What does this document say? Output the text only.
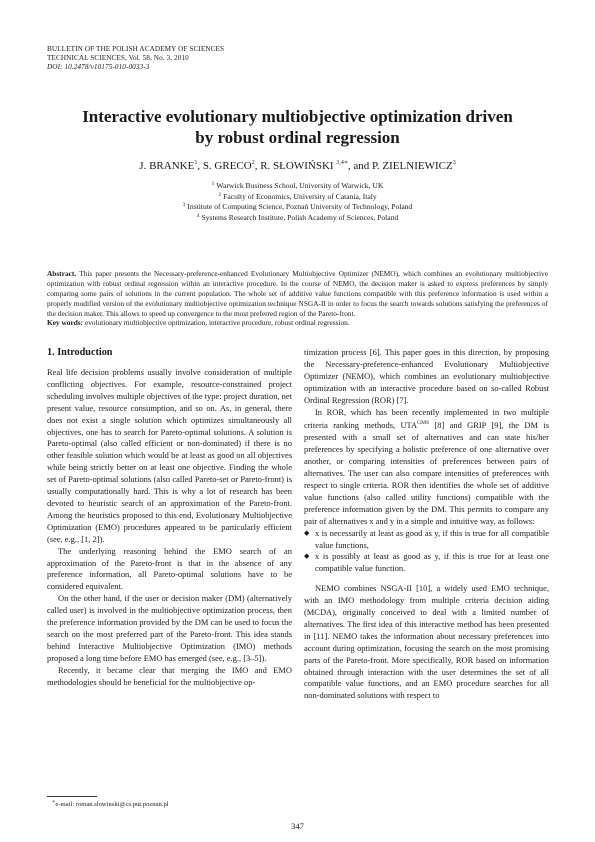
BULLETIN OF THE POLISH ACADEMY OF SCIENCES
TECHNICAL SCIENCES, Vol. 58, No. 3, 2010
DOI: 10.2478/v10175-010-0033-3
Interactive evolutionary multiobjective optimization driven
by robust ordinal regression
J. BRANKE$^1$, S. GRECO$^2$, R. SŁOWIŃSKI $^{3,4∗}$, and P. ZIELNIEWICZ$^3$
$^1$ Warwick Business School, University of Warwick, UK
$^2$ Faculty of Economics, University of Catania, Italy
$^3$ Institute of Computing Science, Poznań University of Technology, Poland
$^4$ Systems Research Institute, Polish Academy of Sciences, Poland
Abstract. This paper presents the Necessary-preference-enhanced Evolutionary Multiobjective Optimizer (NEMO), which combines an evolutionary multiobjective optimization with robust ordinal regression within an interactive procedure. In the course of NEMO, the decision maker is asked to express preferences by simply comparing some pairs of solutions in the current population. The whole set of additive value functions compatible with this preference information is used within a properly modified version of the evolutionary multiobjective optimization technique NSGA-II in order to focus the search towards solutions satisfying the preferences of the decision maker. This allows to speed up convergence to the most preferred region of the Pareto-front.
Key words: evolutionary multiobjective optimization, interactive procedure, robust ordinal regression.
1. Introduction

Real life decision problems usually involve consideration of multiple conflicting objectives. For example, resource-constrained project scheduling involves multiple objectives of the type: project duration, net present value, resource consumption, and so on. As, in general, there does not exist a single solution which optimizes simultaneously all objectives, one has to search for Pareto-optimal solutions. A solution is Pareto-optimal (also called efficient or non-dominated) if there is no other feasible solution which would be at least as good on all objectives while being strictly better on at least one objective. Finding the whole set of Pareto-optimal solutions (also called Pareto-set or Pareto-front) is usually computationally hard. This is why a lot of research has been devoted to heuristic search of an approximation of the Pareto-front. Among the heuristics proposed to this end, Evolutionary Multiobjective Optimization (EMO) procedures appeared to be particularly efficient (see, e.g., [1, 2]).

The underlying reasoning behind the EMO search of an approximation of the Pareto-front is that in the absence of any preference information, all Pareto-optimal solutions have to be considered equivalent.

On the other hand, if the user or decision maker (DM) (alternatively called user) is involved in the multiobjective optimization process, then the preference information provided by the DM can be used to focus the search on the most preferred part of the Pareto-front. This idea stands behind Interactive Multiobjective Optimization (IMO) methods proposed a long time before EMO has emerged (see, e.g., [3–5]).

Recently, it became clear that merging the IMO and EMO methodologies should be beneficial for the multiobjective op-

timization process [6]. This paper goes in this direction, by proposing the Necessary-preference-enhanced Evolutionary Multiobjective Optimizer (NEMO), which combines an evolutionary multiobjective optimization with an interactive procedure based on so-called Robust Ordinal Regression (ROR) [7].

In ROR, which has been recently implemented in two multiple criteria ranking methods, $UTA^{GMS}$ [8] and GRIP [9], the DM is presented with a small set of alternatives and can state his/her preferences by specifying a holistic preference of one alternative over another, or comparing intensities of preferences between pairs of alternatives. The user can also compare intensities of preferences with respect to single criteria. ROR then identifies the whole set of additive value functions (also called utility functions) compatible with the preference information given by the DM. This permits to compare any pair of alternatives x and y in a simple and intuitive way, as follows:

◆ x is necessarily at least as good as y, if this is true for all compatible value functions,
◆ x is possibly at least as good as y, if this is true for at least one compatible value function.

NEMO combines NSGA-II [10], a widely used EMO technique, with an IMO methodology from multiple criteria decision aiding (MCDA), originally conceived to deal with a limited number of alternatives. The first idea of this interactive method has been presented in [11]. NEMO takes the information about necessary preferences into account during optimization, focusing the search on the most promising parts of the Pareto-front. More specifically, ROR based on information obtained through interaction with the user determines the set of all compatible value functions, and an EMO procedure searches for all non-dominated solutions with respect to

∗e-mail: roman.slowinski@cs.put.poznan.pl
347
